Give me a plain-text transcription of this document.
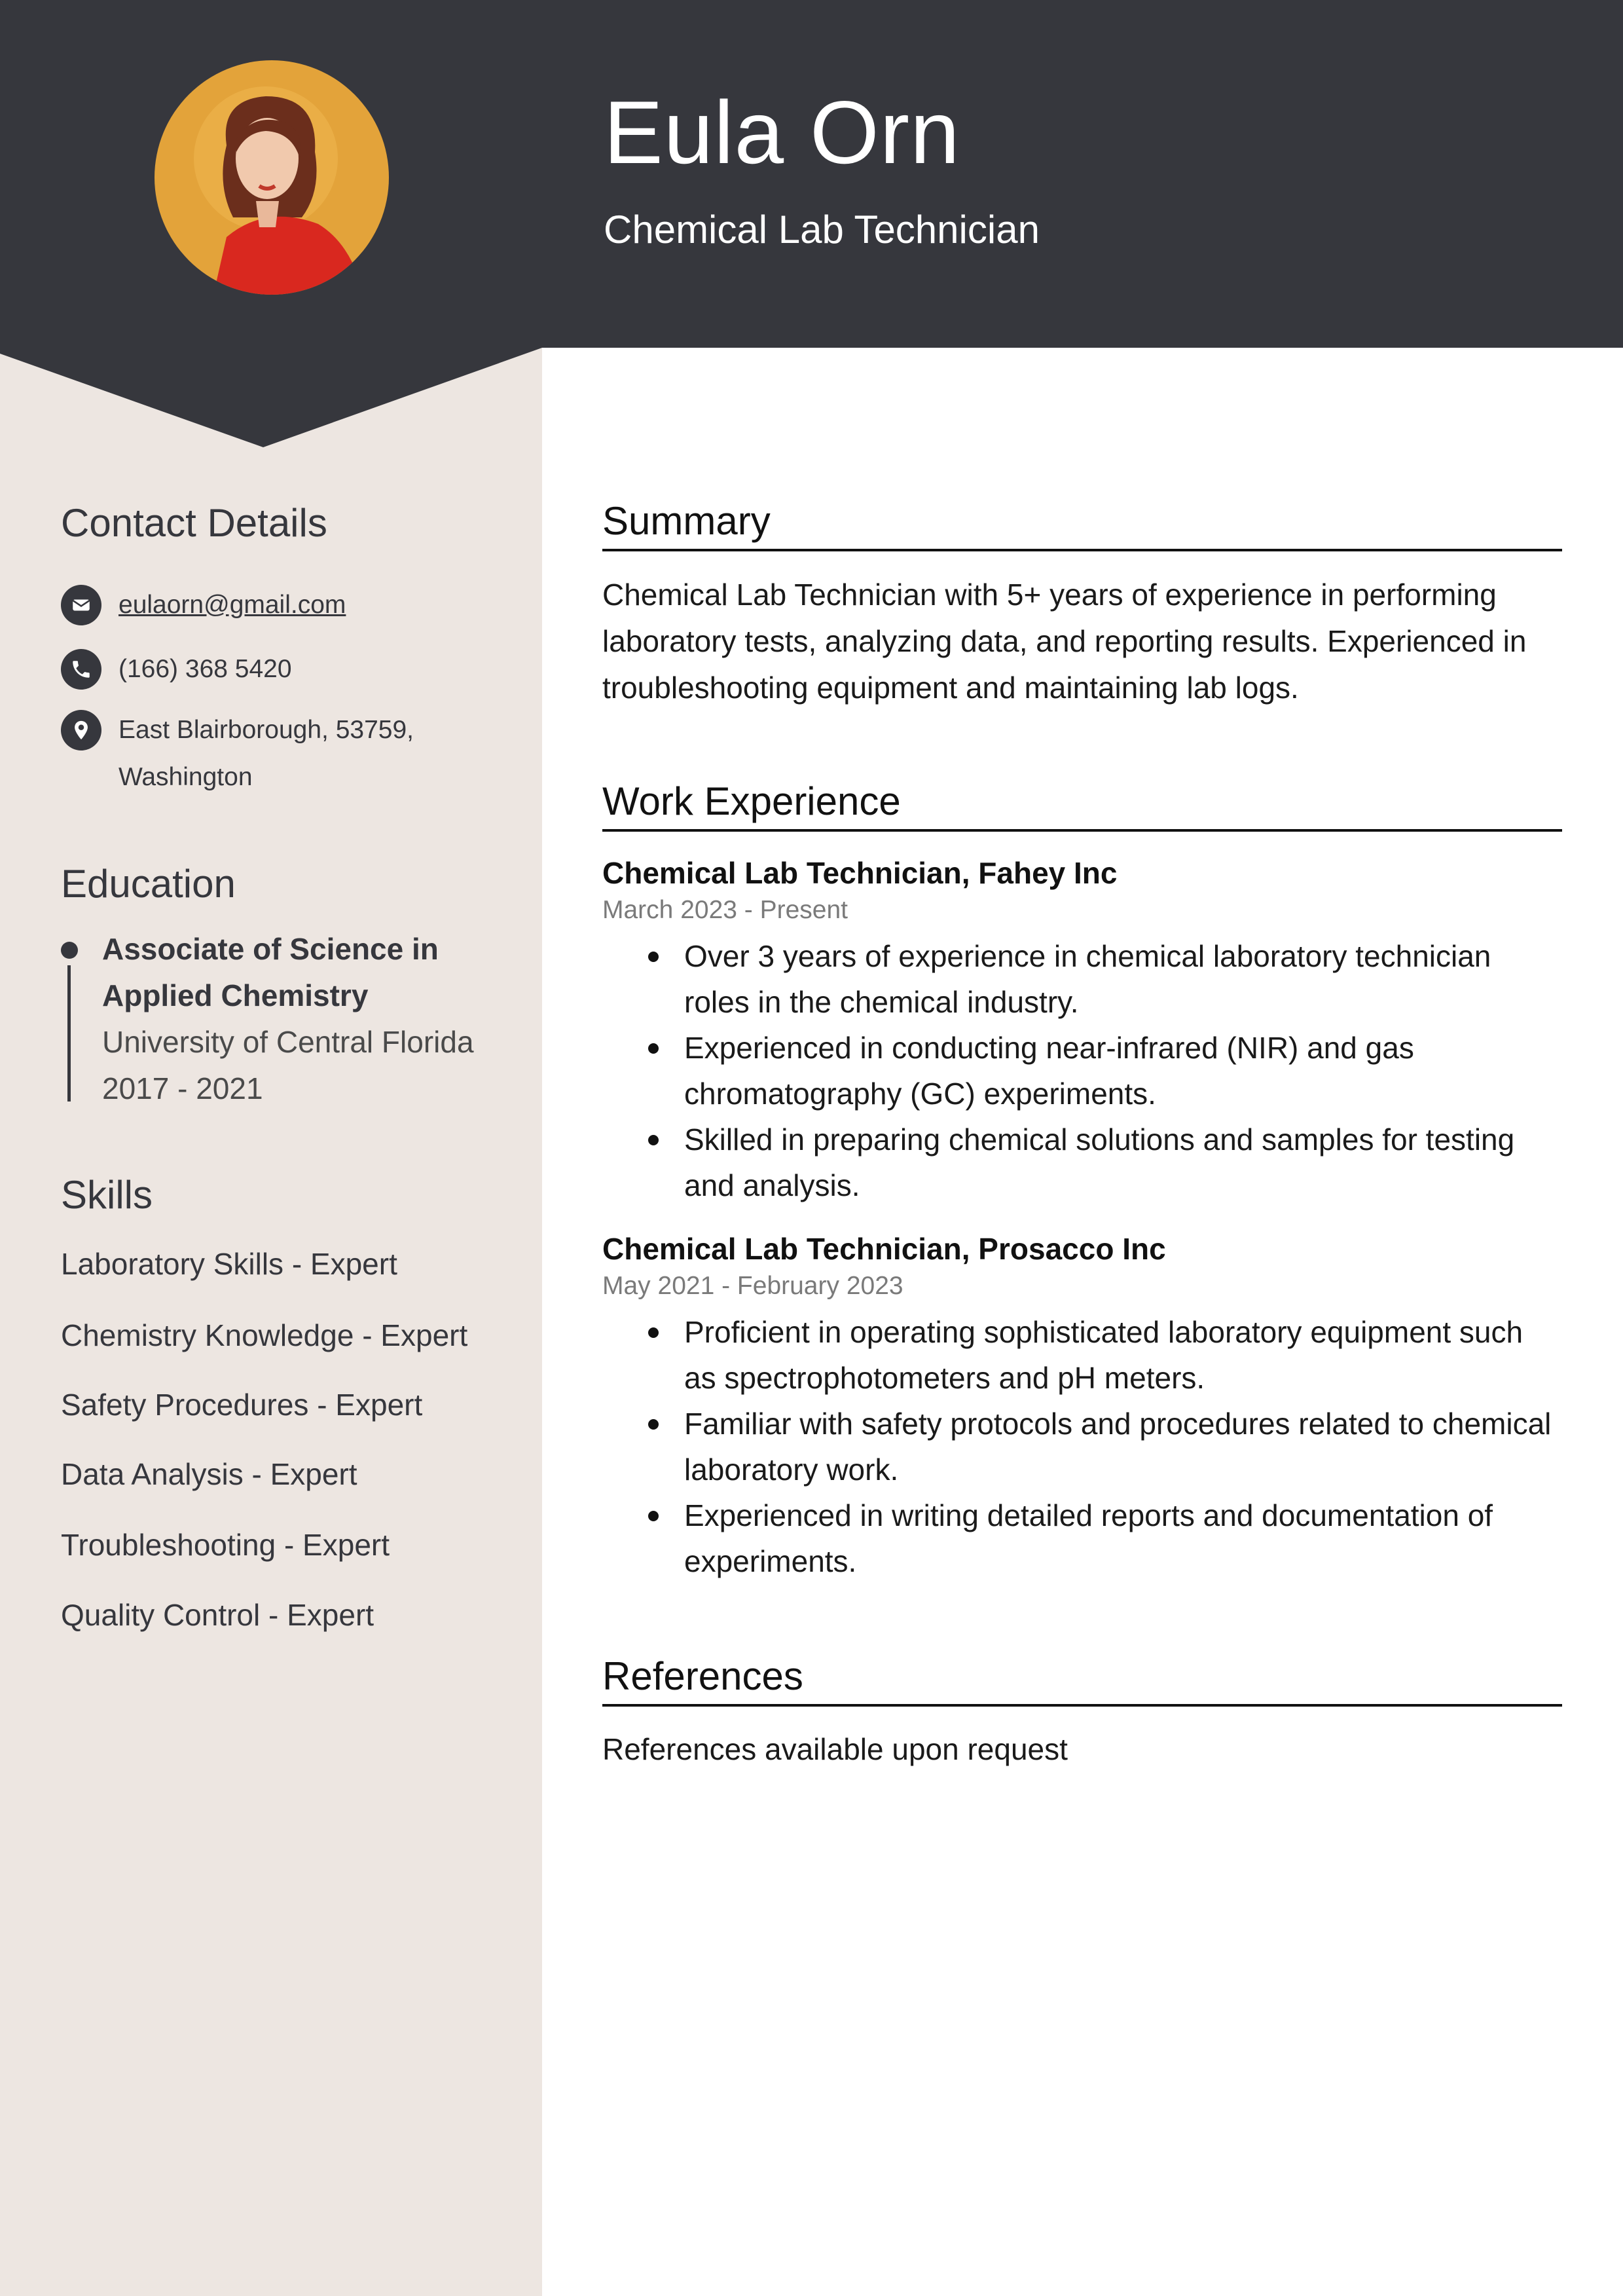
Eula Orn
Chemical Lab Technician
Contact Details
eulaorn@gmail.com
(166) 368 5420
East Blairborough, 53759,
Washington
Education
Associate of Science in
Applied Chemistry
University of Central Florida
2017 - 2021
Skills
Laboratory Skills - Expert
Chemistry Knowledge - Expert
Safety Procedures - Expert
Data Analysis - Expert
Troubleshooting - Expert
Quality Control - Expert
Summary
Chemical Lab Technician with 5+ years of experience in performing laboratory tests, analyzing data, and reporting results. Experienced in troubleshooting equipment and maintaining lab logs.
Work Experience
Chemical Lab Technician, Fahey Inc
March 2023 - Present
Over 3 years of experience in chemical laboratory technician roles in the chemical industry.
Experienced in conducting near-infrared (NIR) and gas chromatography (GC) experiments.
Skilled in preparing chemical solutions and samples for testing and analysis.
Chemical Lab Technician, Prosacco Inc
May 2021 - February 2023
Proficient in operating sophisticated laboratory equipment such as spectrophotometers and pH meters.
Familiar with safety protocols and procedures related to chemical laboratory work.
Experienced in writing detailed reports and documentation of experiments.
References
References available upon request
